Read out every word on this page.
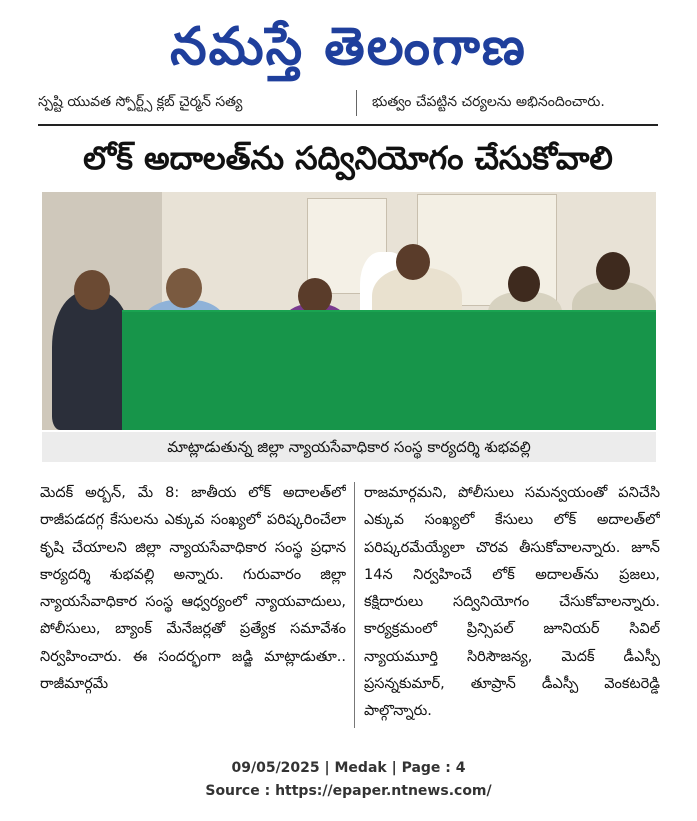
నమస్తే తెలంగాణ
స్పష్టి యువత స్పోర్ట్స్ క్లబ్ చైర్మన్ సత్య	భుత్వం చేపట్టిన చర్యలను అభినందించారు.
లోక్ అదాలత్‌ను సద్వినియోగం చేసుకోవాలి
మాట్లాడుతున్న జిల్లా న్యాయసేవాధికార సంస్థ కార్యదర్శి శుభవల్లి
మెదక్ అర్బన్, మే 8: జాతీయ లోక్ అదాలత్‌లో రాజీపడదగ్గ కేసులను ఎక్కువ సంఖ్యలో పరిష్కరించేలా కృషి చేయాలని జిల్లా న్యాయసేవాధికార సంస్థ ప్రధాన కార్యదర్శి శుభవల్లి అన్నారు. గురువారం జిల్లా న్యాయసేవాధికార సంస్థ ఆధ్వర్యంలో న్యాయవాదులు, పోలీసులు, బ్యాంక్ మేనేజర్లతో ప్రత్యేక సమావేశం నిర్వహించారు. ఈ సందర్భంగా జడ్జి మాట్లాడుతూ.. రాజీమార్గమే
రాజమార్గమని, పోలీసులు సమన్వయంతో పనిచేసి ఎక్కువ సంఖ్యలో కేసులు లోక్ అదాలత్‌లో పరిష్కరమేయ్యేలా చొరవ తీసుకోవాలన్నారు. జూన్ 14న నిర్వహించే లోక్ అదాలత్‌ను ప్రజలు, కక్షిదారులు సద్వినియోగం చేసుకోవాలన్నారు. కార్యక్రమంలో ప్రిన్సిపల్ జూనియర్ సివిల్ న్యాయమూర్తి సిరిసౌజన్య, మెదక్ డీఎస్పీ ప్రసన్నకుమార్, తూప్రాన్ డీఎస్పీ వెంకటరెడ్డి పాల్గొన్నారు.
09/05/2025 | Medak | Page : 4
Source : https://epaper.ntnews.com/
